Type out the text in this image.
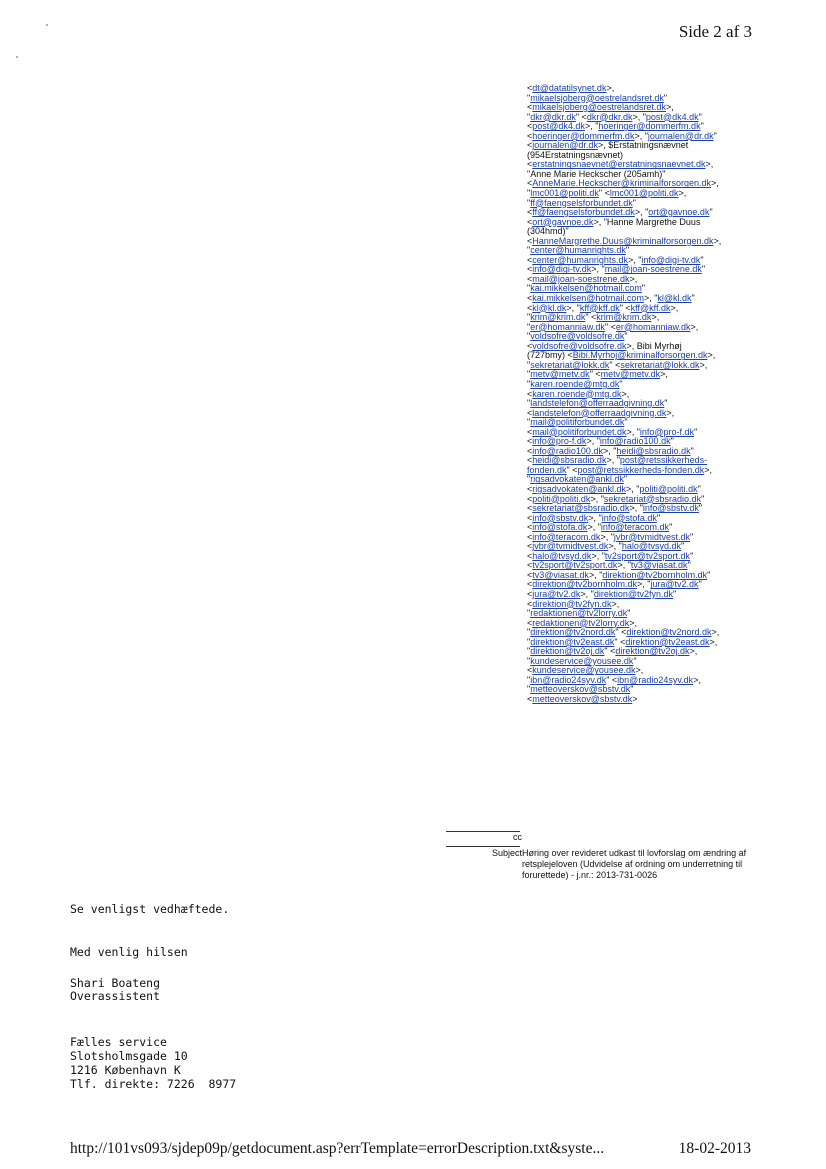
Side 2 af 3
<dt@datatilsynet.dk>,
"mikaelsjoberg@oestrelandsret.dk"
<mikaelsjoberg@oestrelandsret.dk>,
"dkr@dkr.dk" <dkr@dkr.dk>, "post@dk4.dk"
<post@dk4.dk>, "hoeringer@dommerfm.dk"
<hoeringer@dommerfm.dk>, "journalen@dr.dk"
<journalen@dr.dk>, $Erstatningsnævnet
(954Erstatningsnævnet)
<erstatningsnaevnet@erstatningsnaevnet.dk>,
"Anne Marie Heckscher (205amh)"
<AnneMarie.Heckscher@kriminalforsorgen.dk>,
"lmc001@politi.dk" <lmc001@politi.dk>,
"ff@faengselsforbundet.dk"
<ff@faengselsforbundet.dk>, "ort@gavnoe.dk"
<ort@gavnoe.dk>, "Hanne Margrethe Duus
(304hmd)"
<HanneMargrethe.Duus@kriminalforsorgen.dk>,
"center@humanrights.dk"
<center@humanrights.dk>, "info@digi-tv.dk"
<info@digi-tv.dk>, "mail@joan-soestrene.dk"
<mail@joan-soestrene.dk>,
"kai.mikkelsen@hotmail.com"
<kai.mikkelsen@hotmail.com>, "kl@kl.dk"
<kl@kl.dk>, "kff@kff.dk" <kff@kff.dk>,
"krim@krim.dk" <krim@krim.dk>,
"er@homanniaw.dk" <er@homanniaw.dk>,
"voldsofre@voldsofre.dk"
<voldsofre@voldsofre.dk>, Bibi Myrhøj
(727bmy) <Bibi.Myrhoj@kriminalforsorgen.dk>,
"sekretariat@lokk.dk" <sekretariat@lokk.dk>,
"metv@metv.dk" <metv@metv.dk>,
"karen.roende@mtg.dk"
<karen.roende@mtg.dk>,
"landstelefon@offerraadgivning.dk"
<landstelefon@offerraadgivning.dk>,
"mail@politiforbundet.dk"
<mail@politiforbundet.dk>, "info@pro-f.dk"
<info@pro-f.dk>, "info@radio100.dk"
<info@radio100.dk>, "heidi@sbsradio.dk"
<heidi@sbsradio.dk>, "post@retssikkerheds-
fonden.dk" <post@retssikkerheds-fonden.dk>,
"rigsadvokaten@ankl.dk"
<rigsadvokaten@ankl.dk>, "politi@politi.dk"
<politi@politi.dk>, "sekretariat@sbsradio.dk"
<sekretariat@sbsradio.dk>, "info@sbstv.dk"
<info@sbstv.dk>, "info@stofa.dk"
<info@stofa.dk>, "info@teracom.dk"
<info@teracom.dk>, "jvbr@tvmidtvest.dk"
<jvbr@tvmidtvest.dk>, "halo@tvsyd.dk"
<halo@tvsyd.dk>, "tv2sport@tv2sport.dk"
<tv2sport@tv2sport.dk>, "tv3@viasat.dk"
<tv3@viasat.dk>, "direktion@tv2bornholm.dk"
<direktion@tv2bornholm.dk>, "jura@tv2.dk"
<jura@tv2.dk>, "direktion@tv2fyn.dk"
<direktion@tv2fyn.dk>,
"redaktionen@tv2lorry.dk"
<redaktionen@tv2lorry.dk>,
"direktion@tv2nord.dk" <direktion@tv2nord.dk>,
"direktion@tv2east.dk" <direktion@tv2east.dk>,
"direktion@tv2oj.dk" <direktion@tv2oj.dk>,
"kundeservice@yousee.dk"
<kundeservice@yousee.dk>,
"ibn@radio24syv.dk" <ibn@radio24syv.dk>,
"metteoverskov@sbstv.dk"
<metteoverskov@sbstv.dk>
cc
Subject Høring over revideret udkast til lovforslag om ændring af retsplejeloven (Udvidelse af ordning om underretning til forurettede) - j.nr.: 2013-731-0026
Se venligst vedhæftede.
Med venlig hilsen
Shari Boateng
Overassistent
Fælles service
Slotsholmsgade 10
1216 København K
Tlf. direkte: 7226  8977
http://101vs093/sjdep09p/getdocument.asp?errTemplate=errorDescription.txt&syste...	18-02-2013
